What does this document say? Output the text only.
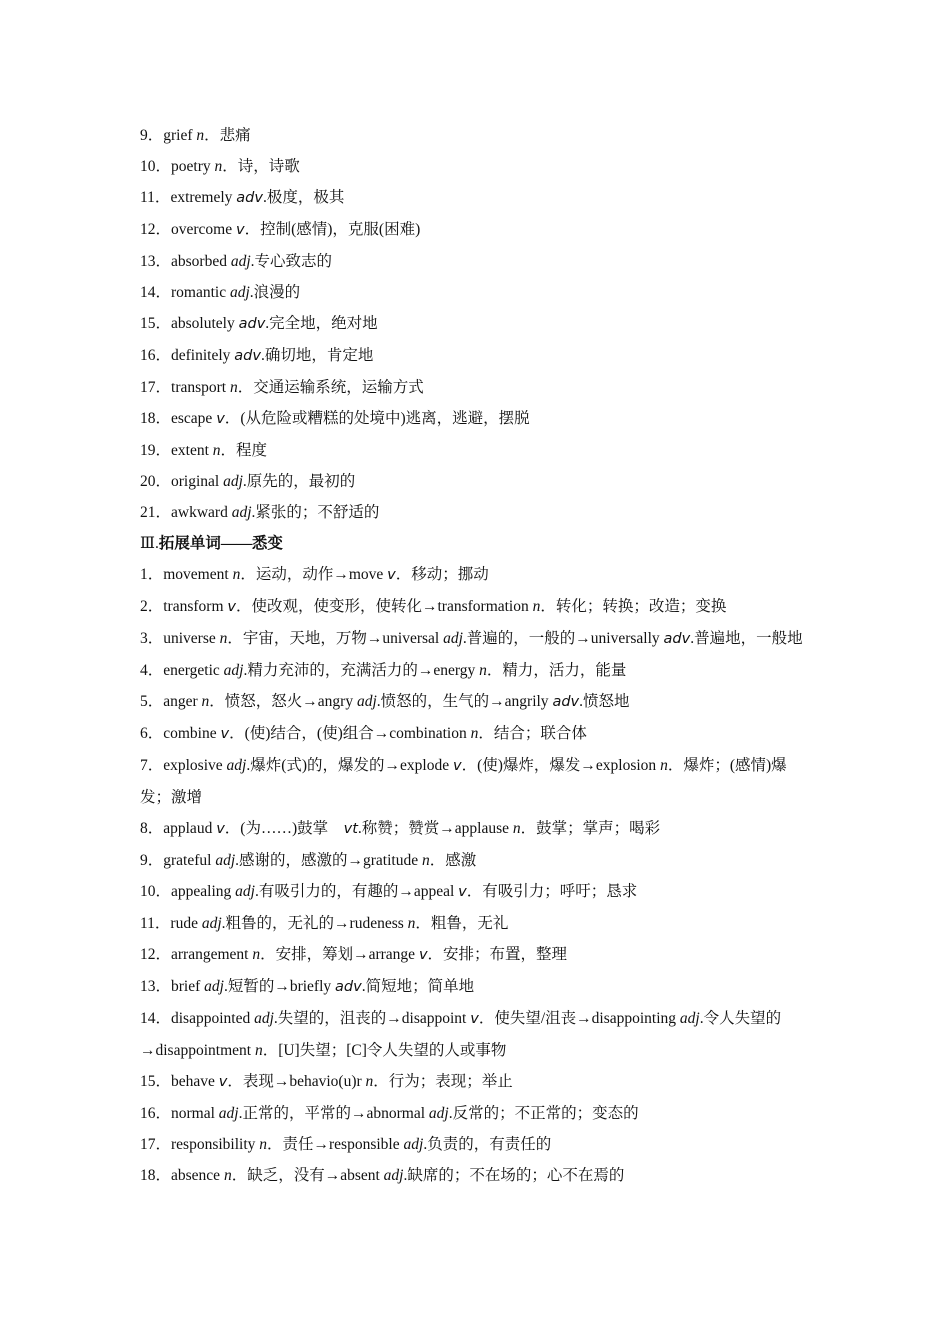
9．grief n．悲痛
10．poetry n．诗，诗歌
11．extremely adv.极度，极其
12．overcome v．控制(感情)，克服(困难)
13．absorbed adj.专心致志的
14．romantic adj.浪漫的
15．absolutely adv.完全地，绝对地
16．definitely adv.确切地，肯定地
17．transport n．交通运输系统，运输方式
18．escape v．(从危险或糟糕的处境中)逃离，逃避，摆脱
19．extent n．程度
20．original adj.原先的，最初的
21．awkward adj.紧张的；不舒适的
Ⅲ.拓展单词——悉变
1．movement n．运动，动作→move v．移动；挪动
2．transform v．使改观，使变形，使转化→transformation n．转化；转换；改造；变换
3．universe n．宇宙，天地，万物→universal adj.普遍的，一般的→universally adv.普遍地，一般地
4．energetic adj.精力充沛的，充满活力的→energy n．精力，活力，能量
5．anger n．愤怒，怒火→angry adj.愤怒的，生气的→angrily adv.愤怒地
6．combine v．(使)结合，(使)组合→combination n．结合；联合体
7．explosive adj.爆炸(式)的，爆发的→explode v．(使)爆炸，爆发→explosion n．爆炸；(感情)爆发；激增
8．applaud v．(为……)鼓掌　vt.称赞；赞赏→applause n．鼓掌；掌声；喝彩
9．grateful adj.感谢的，感激的→gratitude n．感激
10．appealing adj.有吸引力的，有趣的→appeal v．有吸引力；呼吁；恳求
11．rude adj.粗鲁的，无礼的→rudeness n．粗鲁，无礼
12．arrangement n．安排，筹划→arrange v．安排；布置，整理
13．brief adj.短暂的→briefly adv.简短地；简单地
14．disappointed adj.失望的，沮丧的→disappoint v．使失望/沮丧→disappointing adj.令人失望的→disappointment n．[U]失望；[C]令人失望的人或事物
15．behave v．表现→behavio(u)r n．行为；表现；举止
16．normal adj.正常的，平常的→abnormal adj.反常的；不正常的；变态的
17．responsibility n．责任→responsible adj.负责的，有责任的
18．absence n．缺乏，没有→absent adj.缺席的；不在场的；心不在焉的
